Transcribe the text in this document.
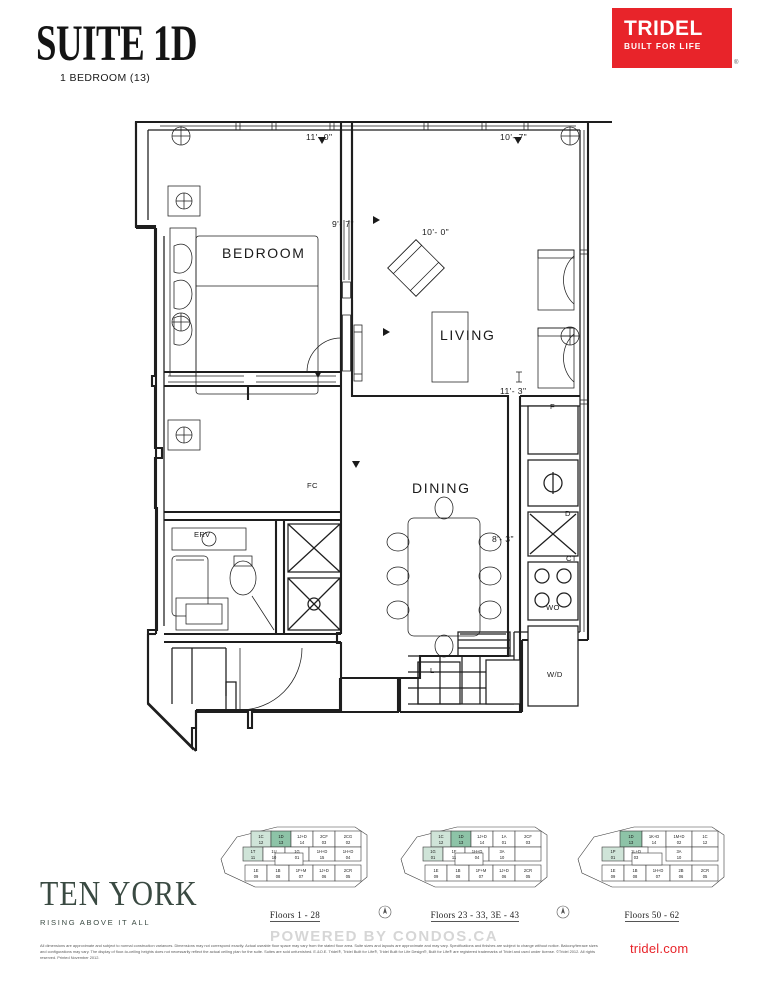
SUITE 1D
1 BEDROOM (13)
TRIDEL
BUILT FOR LIFE
®
11'- 0"	10'- 7"
9'- 7"
10'- 0"
11'- 3"
8'- 3"
BEDROOM
LIVING
DINING
FC
ERV
F
D
CT
WO
W/D
L
TEN YORK
RISING ABOVE IT ALL
1C
12
1D
13
1J+D
14
2CF
03
2CG
02
1T
11
1U
10
1G
01
1H+D
15
1H+D
04
1E
09
1B
08
1F+M
07
1J+D
06
2CR
05
Floors 1 - 28
1C
12
1D
13
1J+D
14
1A
01
2CF
03
1G
01
1F
11
1H+D
04
3A
10
1E
09
1B
08
1F+M
07
1J+D
06
2CR
05
Floors 23 - 33, 3E - 43
1D
13
1K+D
14
1M+D
02
1C
12
1P
01
1L+D
03
3A
10
1E
09
1B
08
1H+D
07
2B
06
2CR
05
Floors 50 - 62
All dimensions are approximate and subject to normal construction variances. Dimensions may not correspond exactly. Actual useable floor space may vary from the stated floor area. Suite sizes and layouts are approximate and may vary. Specifications and finishes are subject to change without notice. Balcony/terrace sizes and configurations may vary. The display of floor-to-ceiling heights does not necessarily reflect the actual ceiling plan for the suite. Suites are sold unfurnished. E.&O.E. Tridel®, Tridel Built for Life®, Tridel Built for Life Design®, Built for Life® are registered trademarks of Tridel and used under license. ©Tridel 2012. All rights reserved. Printed November 2012.
tridel.com
POWERED BY CONDOS.CA
